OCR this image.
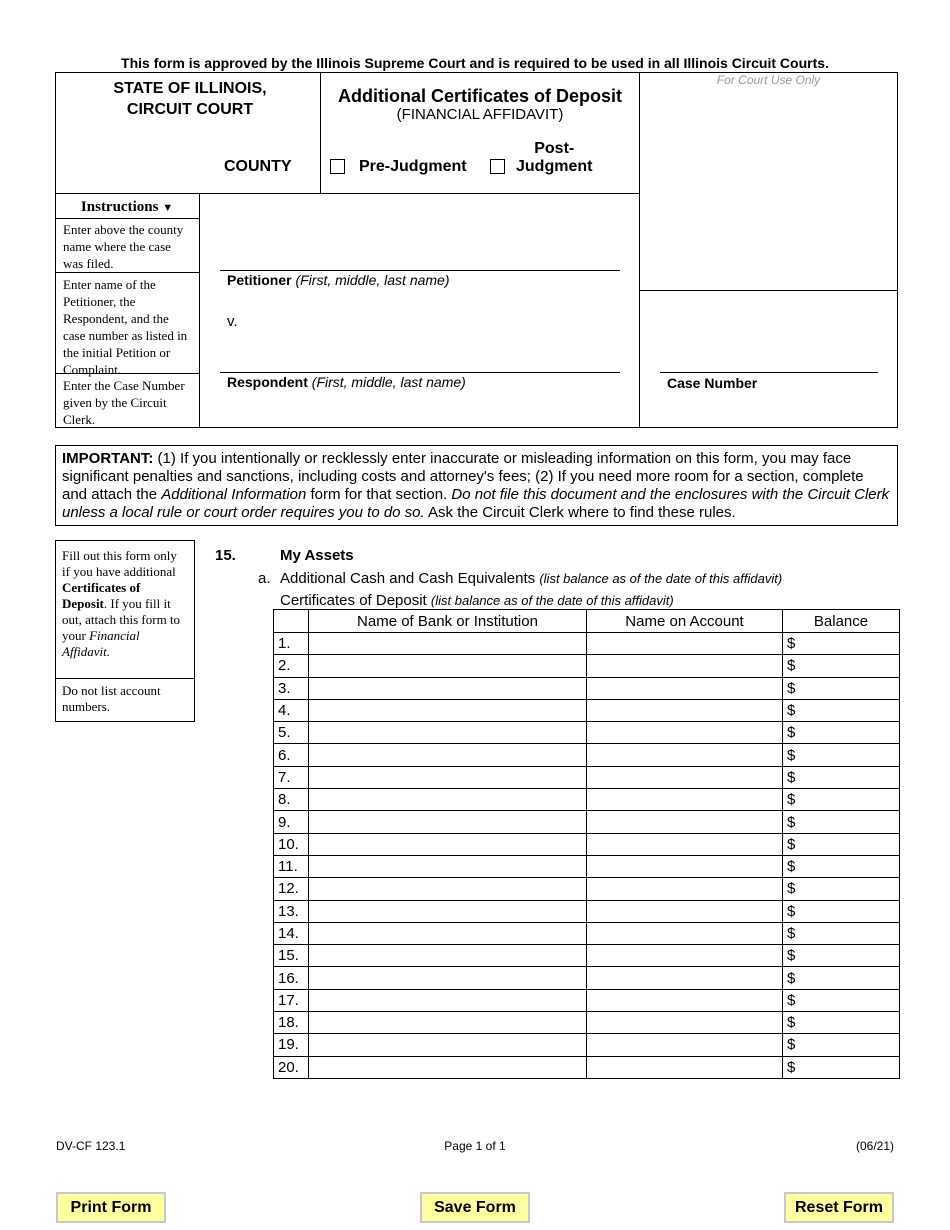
This form is approved by the Illinois Supreme Court and is required to be used in all Illinois Circuit Courts.
STATE OF ILLINOIS,
CIRCUIT COURT
COUNTY
Additional Certificates of Deposit
(FINANCIAL AFFIDAVIT)
Pre-Judgment
Post-
Judgment
For Court Use Only
Instructions ▼
Enter above the county name where the case was filed.
Enter name of the Petitioner, the Respondent, and the case number as listed in the initial Petition or Complaint.
Enter the Case Number given by the Circuit Clerk.
Petitioner (First, middle, last name)
v.
Respondent (First, middle, last name)	Case Number
IMPORTANT: (1) If you intentionally or recklessly enter inaccurate or misleading information on this form, you may face significant penalties and sanctions, including costs and attorney's fees; (2) If you need more room for a section, complete and attach the Additional Information form for that section. Do not file this document and the enclosures with the Circuit Clerk unless a local rule or court order requires you to do so. Ask the Circuit Clerk where to find these rules.
Fill out this form only if you have additional Certificates of Deposit. If you fill it out, attach this form to your Financial Affidavit.
Do not list account numbers.
15.	My Assets
a. Additional Cash and Cash Equivalents (list balance as of the date of this affidavit)
Certificates of Deposit (list balance as of the date of this affidavit)
	Name of Bank or Institution	Name on Account	Balance
1.			$
2.			$
3.			$
4.			$
5.			$
6.			$
7.			$
8.			$
9.			$
10.			$
11.			$
12.			$
13.			$
14.			$
15.			$
16.			$
17.			$
18.			$
19.			$
20.			$
DV-CF 123.1	Page 1 of 1	(06/21)
Print Form	Save Form	Reset Form
